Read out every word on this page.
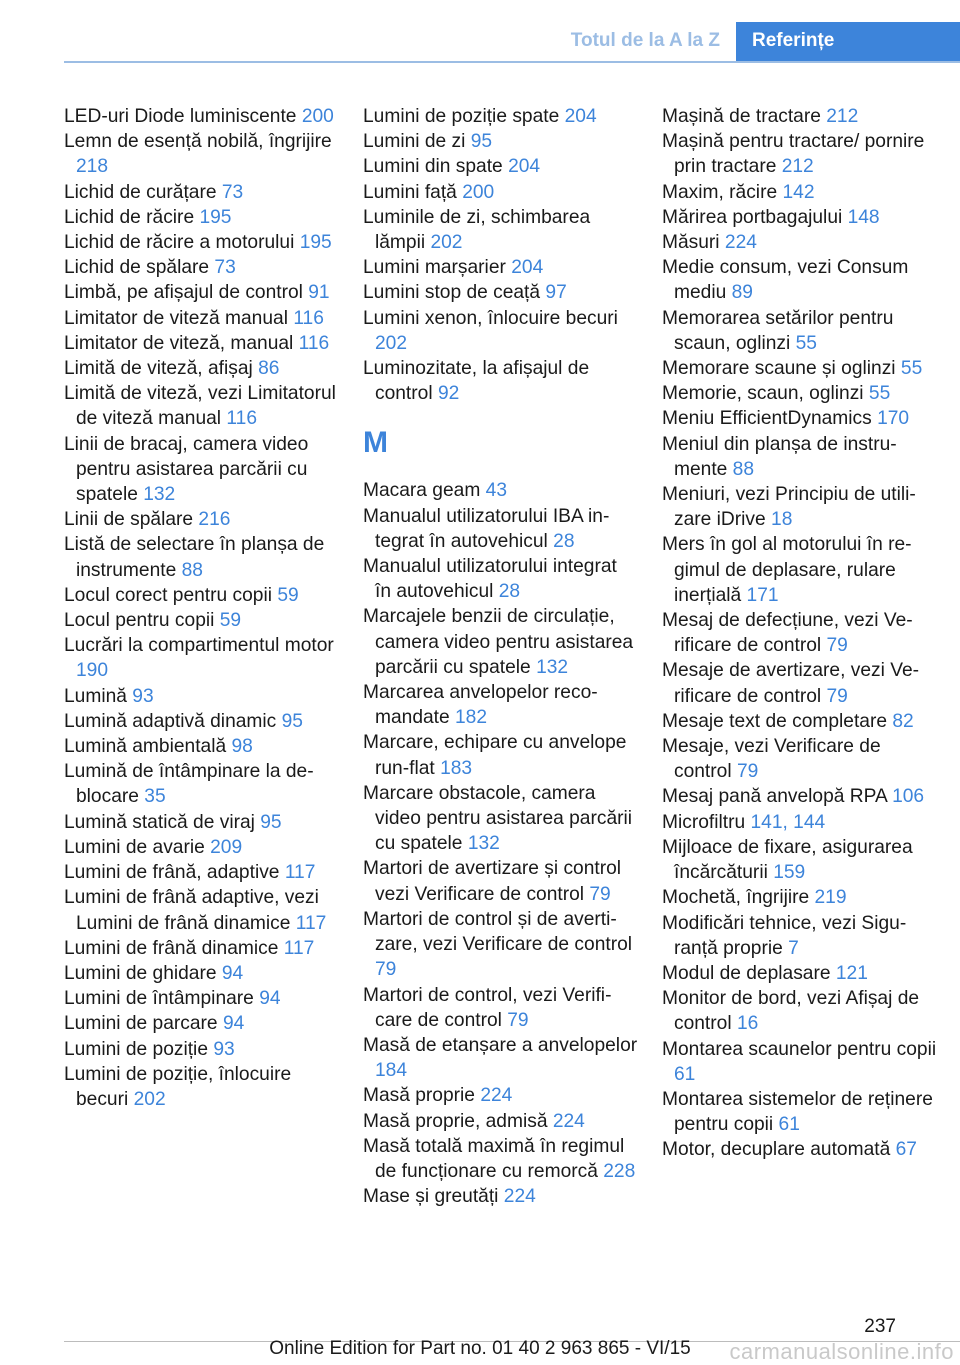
Totul de la A la Z	Referințe

LED-uri Diode luminiscente 200

Lemn de esență nobilă, îngrijire 218

Lichid de curățare 73

Lichid de răcire 195

Lichid de răcire a motorului 195

Lichid de spălare 73

Limbă, pe afișajul de control 91

Limitator de viteză manual 116

Limitator de viteză, manual 116

Limită de viteză, afișaj 86

Limită de viteză, vezi Limitatorul de viteză manual 116

Linii de bracaj, camera video pentru asistarea parcării cu spatele 132

Linii de spălare 216

Listă de selectare în planșa de instrumente 88

Locul corect pentru copii 59

Locul pentru copii 59

Lucrări la compartimentul motor 190

Lumină 93

Lumină adaptivă dinamic 95

Lumină ambientală 98

Lumină de întâmpinare la deblocare 35

Lumină statică de viraj 95

Lumini de avarie 209

Lumini de frână, adaptive 117

Lumini de frână adaptive, vezi Lumini de frână dinamice 117

Lumini de frână dinamice 117

Lumini de ghidare 94

Lumini de întâmpinare 94

Lumini de parcare 94

Lumini de poziție 93

Lumini de poziție, înlocuire becuri 202

Lumini de poziție spate 204

Lumini de zi 95

Lumini din spate 204

Lumini față 200

Luminile de zi, schimbarea lămpii 202

Lumini marșarier 204

Lumini stop de ceață 97

Lumini xenon, înlocuire becuri 202

Luminozitate, la afișajul de control 92

M

Macara geam 43

Manualul utilizatorului IBA integrat în autovehicul 28

Manualul utilizatorului integrat în autovehicul 28

Marcajele benzii de circulație, camera video pentru asistarea parcării cu spatele 132

Marcarea anvelopelor recomandate 182

Marcare, echipare cu anvelope run-flat 183

Marcare obstacole, camera video pentru asistarea parcării cu spatele 132

Martori de avertizare și control vezi Verificare de control 79

Martori de control și de avertizare, vezi Verificare de control 79

Martori de control, vezi Verificare de control 79

Masă de etanșare a anvelopelor 184

Masă proprie 224

Masă proprie, admisă 224

Masă totală maximă în regimul de funcționare cu remorcă 228

Mase și greutăți 224

Mașină de tractare 212

Mașină pentru tractare/ pornire prin tractare 212

Maxim, răcire 142

Mărirea portbagajului 148

Măsuri 224

Medie consum, vezi Consum mediu 89

Memorarea setărilor pentru scaun, oglinzi 55

Memorare scaune și oglinzi 55

Memorie, scaun, oglinzi 55

Meniu EfficientDynamics 170

Meniul din planșa de instrumente 88

Meniuri, vezi Principiu de utilizare iDrive 18

Mers în gol al motorului în regimul de deplasare, rulare inerțială 171

Mesaj de defecțiune, vezi Verificare de control 79

Mesaje de avertizare, vezi Verificare de control 79

Mesaje text de completare 82

Mesaje, vezi Verificare de control 79

Mesaj pană anvelopă RPA 106

Microfiltru 141, 144

Mijloace de fixare, asigurarea încărcăturii 159

Mochetă, îngrijire 219

Modificări tehnice, vezi Siguranță proprie 7

Modul de deplasare 121

Monitor de bord, vezi Afișaj de control 16

Montarea scaunelor pentru copii 61

Montarea sistemelor de reținere pentru copii 61

Motor, decuplare automată 67

237
Online Edition for Part no. 01 40 2 963 865 - VI/15	carmanualsonline.info
